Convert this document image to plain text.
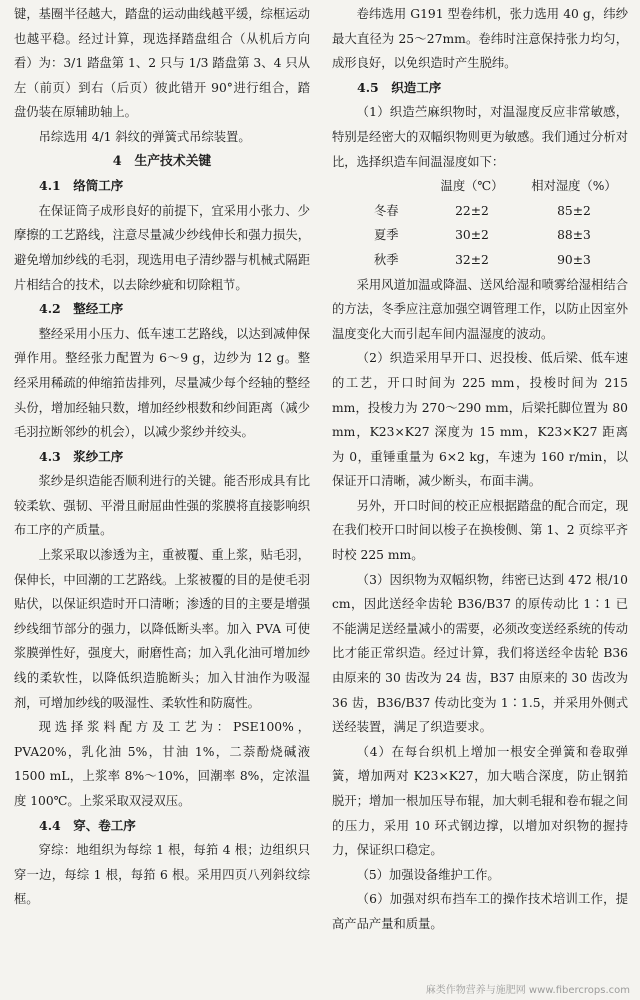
键，基圈半径越大，踏盘的运动曲线越平缓，综框运动也越平稳。经过计算，现选择踏盘组合（从机后方向看）为：3/1 踏盘第 1、2 只与 1/3 踏盘第 3、4 只从左（前页）到右（后页）彼此错开 90°进行组合，踏盘仍装在原辅助轴上。

吊综选用 4/1 斜纹的弹簧式吊综装置。

4　生产技术关键
4.1 络筒工序

在保证筒子成形良好的前提下，宜采用小张力、少摩擦的工艺路线，注意尽量减少纱线伸长和强力损失，避免增加纱线的毛羽，现选用电子清纱器与机械式隔距片相结合的技术，以去除纱疵和切除粗节。

4.2 整经工序

整经采用小压力、低车速工艺路线，以达到减伸保弹作用。整经张力配置为 6～9 g，边纱为 12 g。整经采用稀疏的伸缩筘齿排列，尽量减少每个经轴的整经头份，增加经轴只数，增加经纱根数和纱间距离（减少毛羽拉断邻纱的机会），以减少浆纱并绞头。

4.3 浆纱工序

浆纱是织造能否顺利进行的关键。能否形成具有比较柔软、强韧、平滑且耐屈曲性强的浆膜将直接影响织布工序的产质量。

上浆采取以渗透为主，重被覆、重上浆，贴毛羽，保伸长，中回潮的工艺路线。上浆被覆的目的是使毛羽贴伏，以保证织造时开口清晰；渗透的目的主要是增强纱线细节部分的强力，以降低断头率。加入 PVA 可使浆膜弹性好，强度大，耐磨性高；加入乳化油可增加纱线的柔软性，以降低织造脆断头；加入甘油作为吸湿剂，可增加纱线的吸湿性、柔软性和防腐性。

现选择浆料配方及工艺为：PSE100%，PVA20%，乳化油 5%，甘油 1%，二萘酚烧碱液 1500 mL，上浆率 8%～10%，回潮率 8%，定浓温度 100℃。上浆采取双浸双压。

4.4 穿、卷工序

穿综：地组织为每综 1 根，每筘 4 根；边组织只穿一边，每综 1 根，每筘 6 根。采用四页八列斜纹综框。

卷纬选用 G191 型卷纬机，张力选用 40 g，纬纱最大直径为 25～27mm。卷纬时注意保持张力均匀，成形良好，以免织造时产生脱纬。

4.5 织造工序

（1）织造苎麻织物时，对温湿度反应非常敏感，特别是经密大的双幅织物则更为敏感。我们通过分析对比，选择织造车间温湿度如下：

	温度（℃）	相对湿度（%）
冬春	22±2	85±2
夏季	30±2	88±3
秋季	32±2	90±3

采用风道加温或降温、送风给湿和喷雾给湿相结合的方法，冬季应注意加强空调管理工作，以防止因室外温度变化大而引起车间内温湿度的波动。

（2）织造采用早开口、迟投梭、低后梁、低车速的工艺，开口时间为 225 mm，投梭时间为 215 mm，投梭力为 270～290 mm，后梁托脚位置为 80 mm，K23×K27 深度为 15 mm，K23×K27 距离为 0，重锤重量为 6×2 kg，车速为 160 r/min，以保证开口清晰，减少断头，布面丰满。

另外，开口时间的校正应根据踏盘的配合而定，现在我们校开口时间以梭子在换梭侧、第 1、2 页综平齐时校 225 mm。

（3）因织物为双幅织物，纬密已达到 472 根/10 cm，因此送经伞齿轮 B36/B37 的原传动比 1∶1 已不能满足送经量减小的需要，必须改变送经系统的传动比才能正常织造。经过计算，我们将送经伞齿轮 B36 由原来的 30 齿改为 24 齿，B37 由原来的 30 齿改为 36 齿，B36/B37 传动比变为 1∶1.5，并采用外侧式送经装置，满足了织造要求。

（4）在每台织机上增加一根安全弹簧和卷取弹簧，增加两对 K23×K27，加大啮合深度，防止钢筘脱开；增加一根加压导布辊，加大刺毛辊和卷布辊之间的压力，采用 10 环式钢边撑，以增加对织物的握持力，保证织口稳定。

（5）加强设备维护工作。

（6）加强对织布挡车工的操作技术培训工作，提高产品产量和质量。

麻类作物营养与施肥网 www.fibercrops.com
